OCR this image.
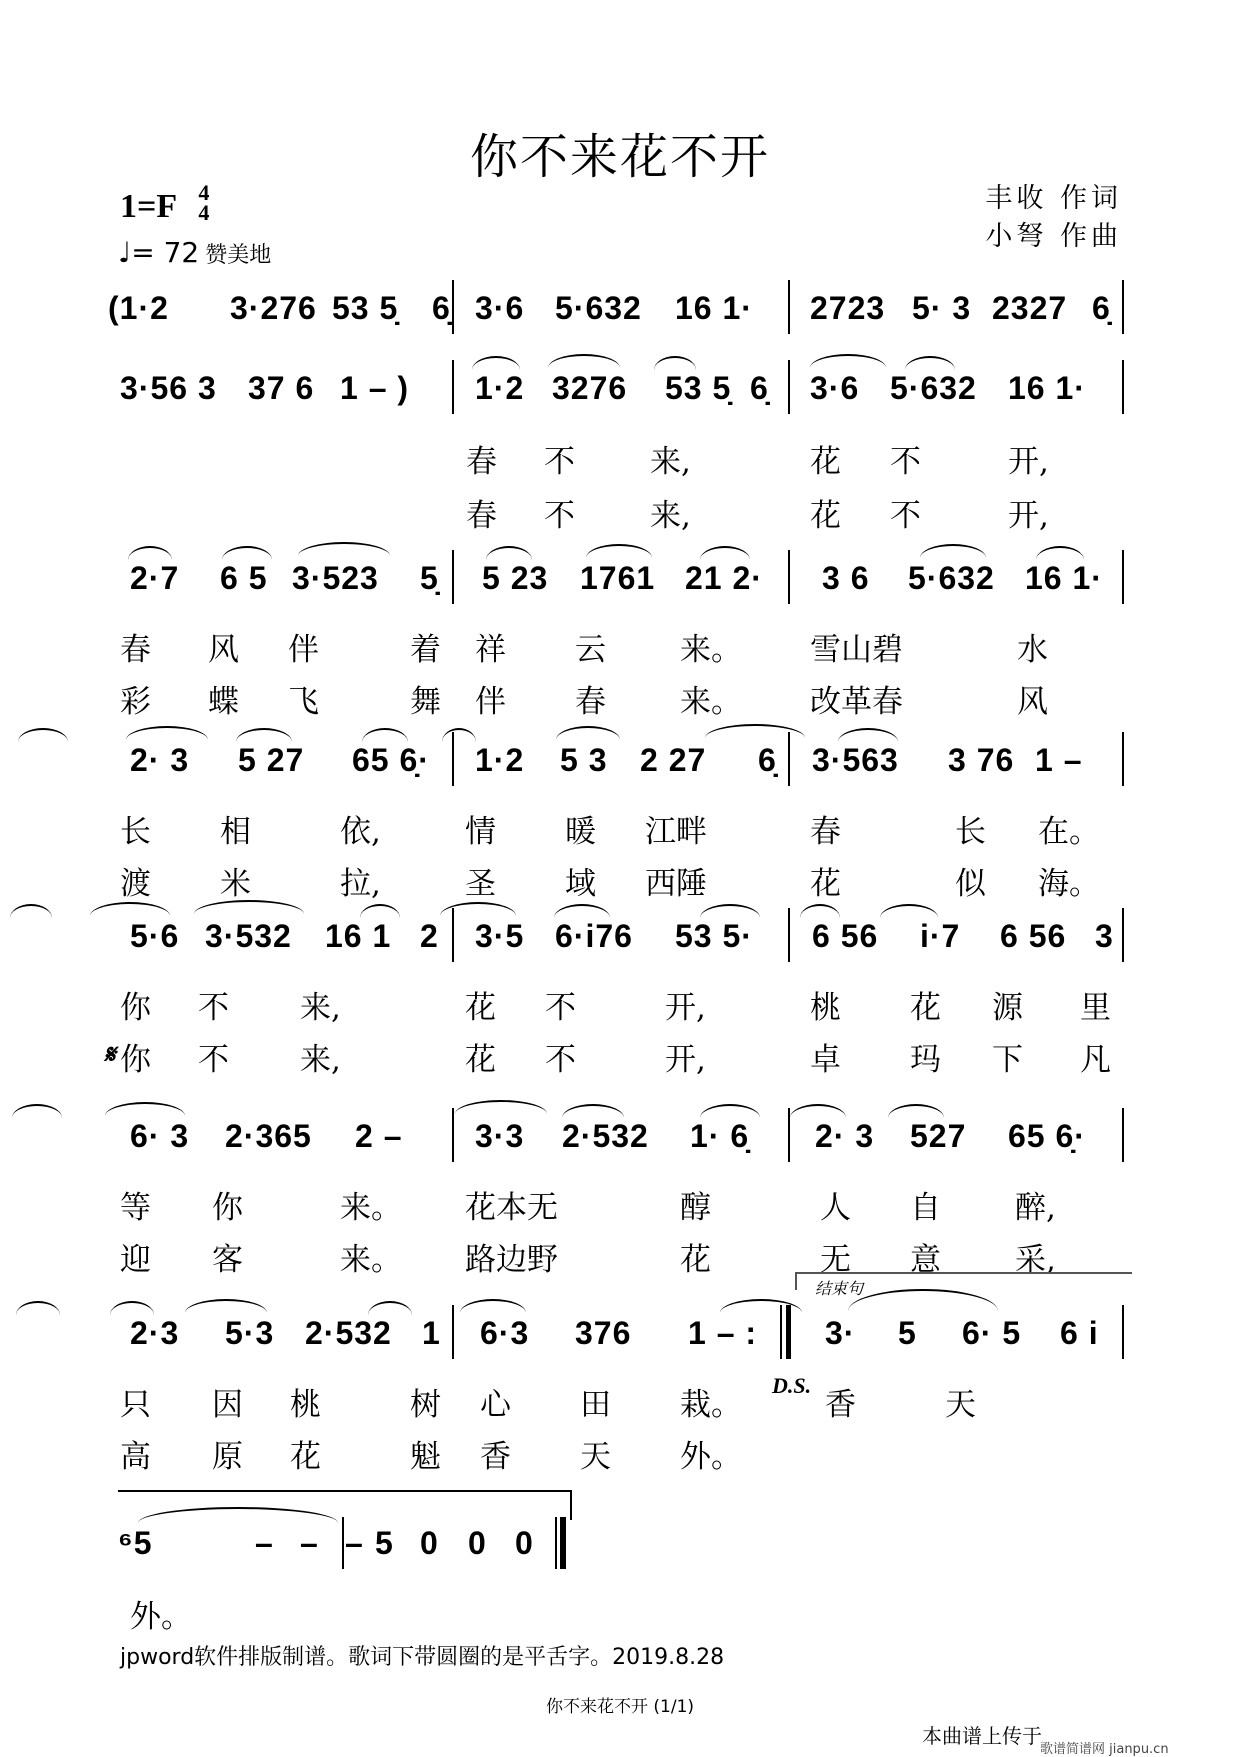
你不来花不开
1=F 4
4
♩= 72 赞美地
丰收 作词
小弩 作曲
(1·2 3·276 53 5̣ 6̣ 3·6 5·632 16 1· 2723 5· 3 2327 6̣
3·56 3 37 6 1 – ) 1·2 3276 53 5̣ 6̣ 3·6 5·632 16 1·
春 不 来,	花 不	开,
春 不 来,	花 不	开,
2·7 6 5 3·523 5̣ 5 23 1761 21 2· 3 6 5·632 16 1·
春 风 伴	着 祥 云 来。 雪山碧	水
彩 蝶 飞	舞 伴 春 来。 改革春	风
2· 3 5 27 65 6̣· 1·2 5 3 2 27 6̣ 3·563 3 76 1 –
长 相	依,	情 暖 江畔	春	长 在。
渡 米	拉,	圣 域 西陲	花	似 海。
5·6 3·532 16 1 2 3·5 6·i76 53 5· 6 56 i·7 6 56 3
你 不 来,	花 不	开,	桃 花 源 里
你 不 来,	花 不	开,	卓 玛 下 凡
𝄋
6· 3 2·365 2 – 3·3 2·532 1· 6̣ 2· 3 527 65 6̣·
等 你	来。 花本无	醇	人 自 醉,
迎 客	来。 路边野	花	无 意 采,
结束句
2·3 5·3 2·532 1 6·3 376 1 – : 3· 5 6· 5 6 i
只 因 桃	树 心 田 栽。	香	天
高 原 花	魁 香 天 外。
D.S.
⁶5	– – – 5 0 0 0
外。
jpword软件排版制谱。歌词下带圆圈的是平舌字。2019.8.28
你不来花不开 (1/1)
本曲谱上传于
歌谱简谱网 jianpu.cn
